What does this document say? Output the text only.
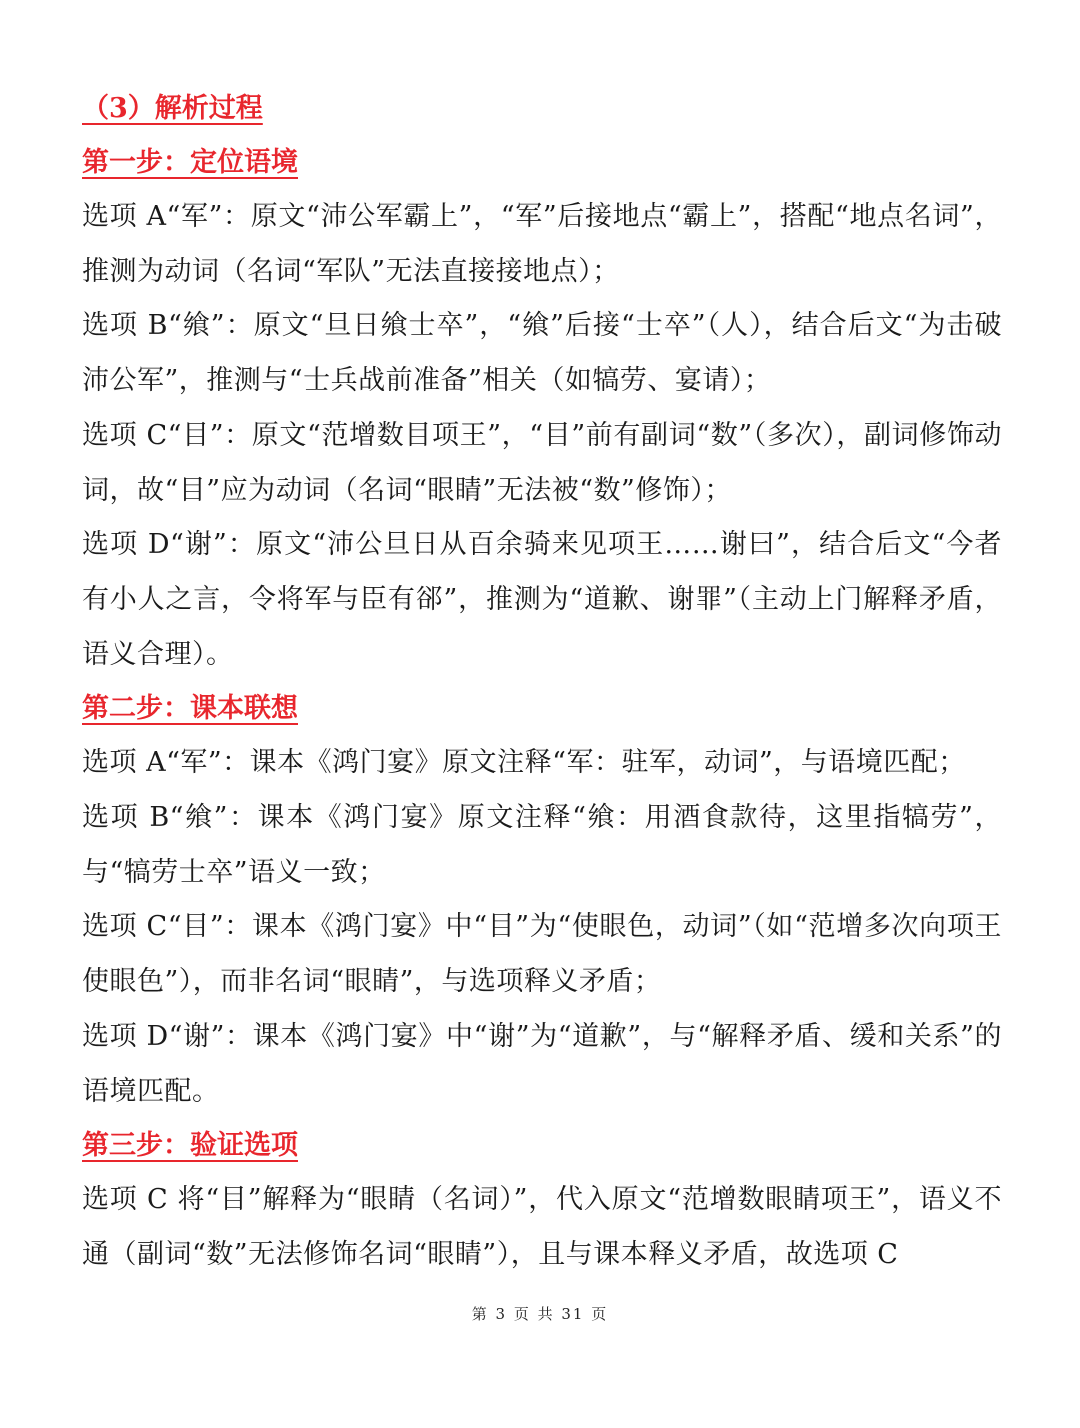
（3）解析过程
第一步：定位语境

选项 A“军”：原文“沛公军霸上”，“军”后接地点“霸上”，搭配“地点名词”，推测为动词（名词“军队”无法直接接地点）；

选项 B“飨”：原文“旦日飨士卒”，“飨”后接“士卒”（人），结合后文“为击破沛公军”，推测与“士兵战前准备”相关（如犒劳、宴请）；

选项 C“目”：原文“范增数目项王”，“目”前有副词“数”（多次），副词修饰动词，故“目”应为动词（名词“眼睛”无法被“数”修饰）；

选项 D“谢”：原文“沛公旦日从百余骑来见项王……谢曰”，结合后文“今者有小人之言，令将军与臣有郤”，推测为“道歉、谢罪”（主动上门解释矛盾，语义合理）。

第二步：课本联想

选项 A“军”：课本《鸿门宴》原文注释“军：驻军，动词”，与语境匹配；

选项 B“飨”：课本《鸿门宴》原文注释“飨：用酒食款待，这里指犒劳”，与“犒劳士卒”语义一致；

选项 C“目”：课本《鸿门宴》中“目”为“使眼色，动词”（如“范增多次向项王使眼色”），而非名词“眼睛”，与选项释义矛盾；

选项 D“谢”：课本《鸿门宴》中“谢”为“道歉”，与“解释矛盾、缓和关系”的语境匹配。

第三步：验证选项

选项 C 将“目”解释为“眼睛（名词）”，代入原文“范增数眼睛项王”，语义不通（副词“数”无法修饰名词“眼睛”），且与课本释义矛盾，故选项 C

第 3 页 共 31 页
